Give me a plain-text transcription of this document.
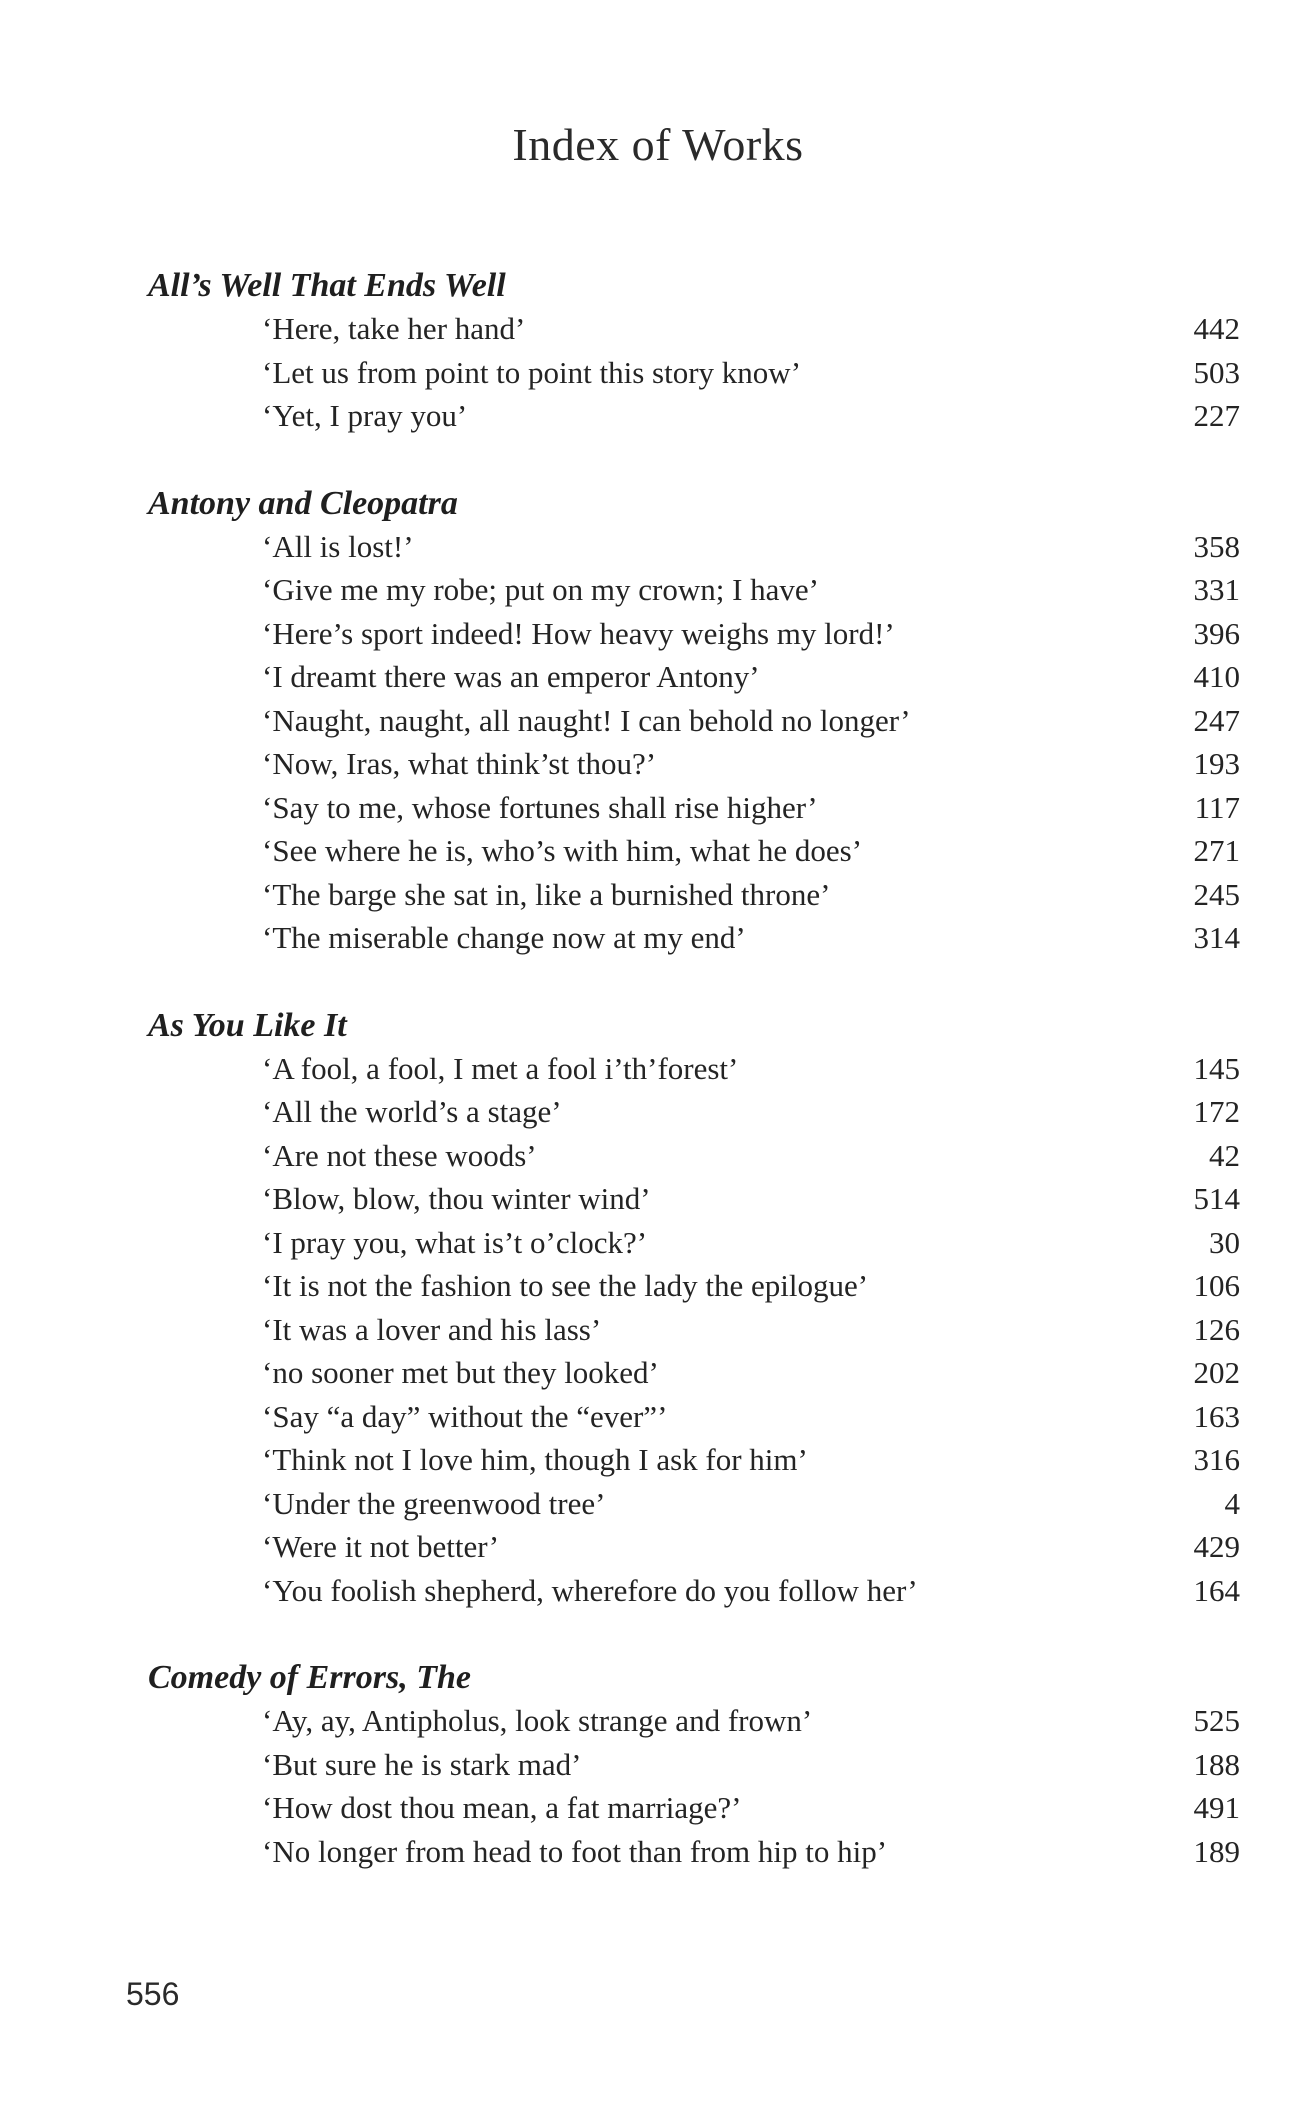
Index of Works
All’s Well That Ends Well
‘Here, take her hand’	442
‘Let us from point to point this story know’	503
‘Yet, I pray you’	227
Antony and Cleopatra
‘All is lost!’	358
‘Give me my robe; put on my crown; I have’	331
‘Here’s sport indeed! How heavy weighs my lord!’	396
‘I dreamt there was an emperor Antony’	410
‘Naught, naught, all naught! I can behold no longer’	247
‘Now, Iras, what think’st thou?’	193
‘Say to me, whose fortunes shall rise higher’	117
‘See where he is, who’s with him, what he does’	271
‘The barge she sat in, like a burnished throne’	245
‘The miserable change now at my end’	314
As You Like It
‘A fool, a fool, I met a fool i’th’forest’	145
‘All the world’s a stage’	172
‘Are not these woods’	42
‘Blow, blow, thou winter wind’	514
‘I pray you, what is’t o’clock?’	30
‘It is not the fashion to see the lady the epilogue’	106
‘It was a lover and his lass’	126
‘no sooner met but they looked’	202
‘Say “a day” without the “ever”’	163
‘Think not I love him, though I ask for him’	316
‘Under the greenwood tree’	4
‘Were it not better’	429
‘You foolish shepherd, wherefore do you follow her’	164
Comedy of Errors, The
‘Ay, ay, Antipholus, look strange and frown’	525
‘But sure he is stark mad’	188
‘How dost thou mean, a fat marriage?’	491
‘No longer from head to foot than from hip to hip’	189
556
